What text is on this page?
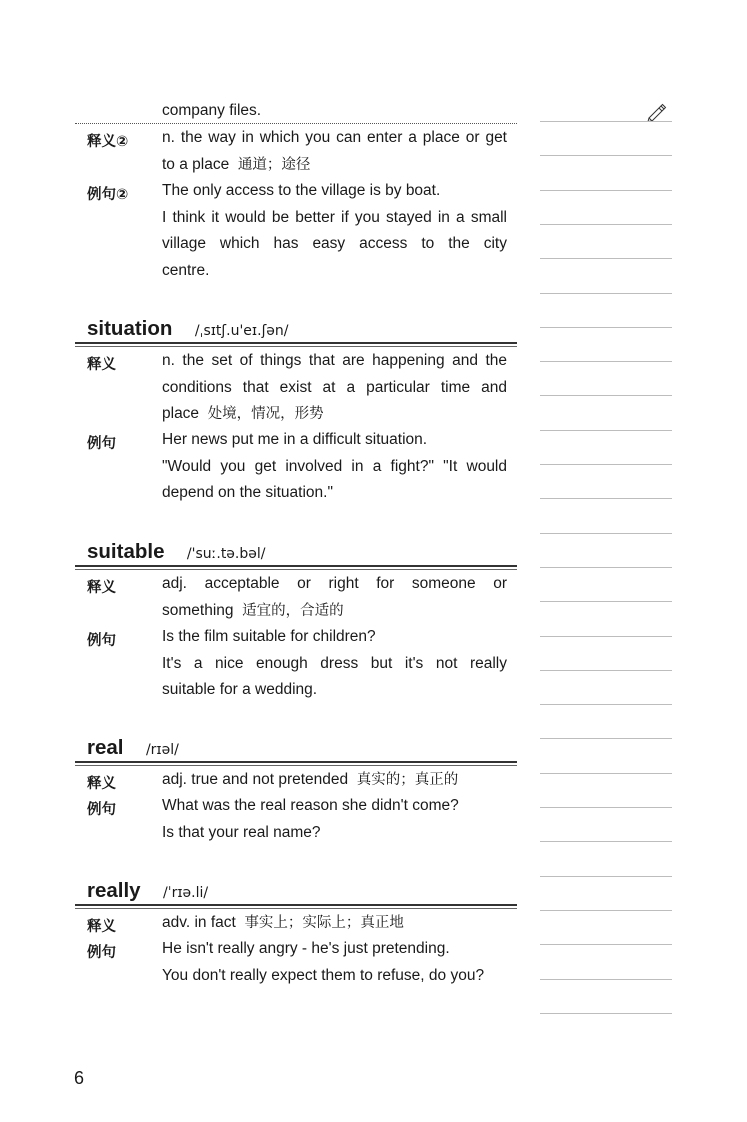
company files.
释义② n. the way in which you can enter a place or get
to a place 通道；途径
例句② The only access to the village is by boat.
I think it would be better if you stayed in a small
village which has easy access to the city
centre.
situation /ˌsɪtʃ.u'eɪ.ʃən/
释义	n. the set of things that are happening and the
conditions that exist at a particular time and
place 处境，情况，形势
例句	Her news put me in a difficult situation.
"Would you get involved in a fight?" "It would
depend on the situation."
suitable /'suː.tə.bəl/
释义	adj. acceptable or right for someone or
something 适宜的，合适的
例句	Is the film suitable for children?
It's a nice enough dress but it's not really
suitable for a wedding.
real /rɪəl/
释义	adj. true and not pretended 真实的；真正的
例句	What was the real reason she didn't come?
Is that your real name?
really /ˈrɪə.li/
释义	adv. in fact 事实上；实际上；真正地
例句	He isn't really angry - he's just pretending.
You don't really expect them to refuse, do you?
6
